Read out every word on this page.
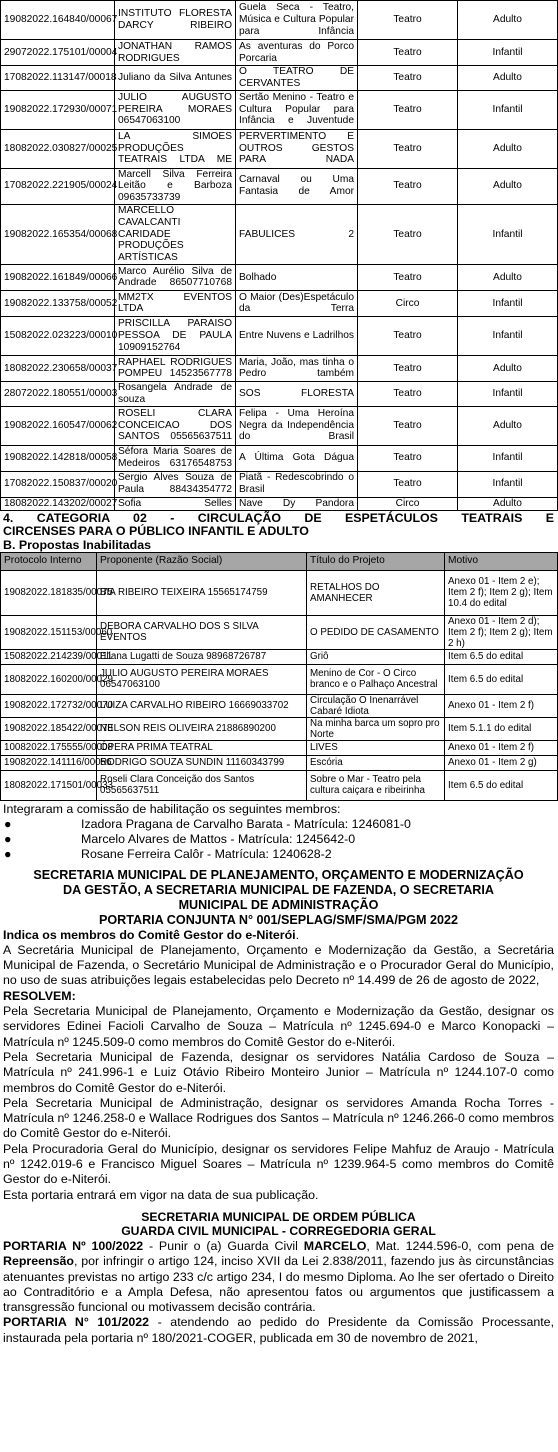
19082022.164840/00067	INSTITUTO FLORESTA DARCY RIBEIRO	Guela Seca - Teatro, Música e Cultura Popular para Infância	Teatro	Adulto
29072022.175101/00004	JONATHAN RAMOS RODRIGUES	As aventuras do Porco Porcaria	Teatro	Infantil
17082022.113147/00018	Juliano da Silva Antunes	O TEATRO DE CERVANTES	Teatro	Adulto
19082022.172930/00071	JULIO AUGUSTO PEREIRA MORAES 06547063100	Sertão Menino - Teatro e Cultura Popular para Infância e Juventude	Teatro	Infantil
18082022.030827/00025	LA SIMOES PRODUÇÕES TEATRAIS LTDA ME	PERVERTIMENTO E OUTROS GESTOS PARA NADA	Teatro	Adulto
17082022.221905/00024	Marcell Silva Ferreira Leitão e Barboza 09635733739	Carnaval ou Uma Fantasia de Amor	Teatro	Adulto
19082022.165354/00068	MARCELLO CAVALCANTI CARIDADE PRODUÇÕES ARTÍSTICAS	FABULICES 2	Teatro	Infantil
19082022.161849/00066	Marco Aurélio Silva de Andrade 86507710768	Bolhado	Teatro	Adulto
19082022.133758/00052	MM2TX EVENTOS LTDA	O Maior (Des)Espetáculo da Terra	Circo	Infantil
15082022.023223/00010	PRISCILLA PARAISO PESSOA DE PAULA 10909152764	Entre Nuvens e Ladrilhos	Teatro	Infantil
18082022.230658/00037	RAPHAEL RODRIGUES POMPEU 14523567778	Maria, João, mas tinha o Pedro também	Teatro	Adulto
28072022.180551/00003	Rosangela Andrade de souza	SOS FLORESTA	Teatro	Infantil
19082022.160547/00062	ROSELI CLARA CONCEICAO DOS SANTOS 05565637511	Felipa - Uma Heroína Negra da Independência do Brasil	Teatro	Adulto
19082022.142818/00058	Séfora Maria Soares de Medeiros 63176548753	A Última Gota Dágua	Teatro	Infantil
17082022.150837/00020	Sergio Alves Souza de Paula 88434354772	Piatã - Redescobrindo o Brasil	Teatro	Infantil
18082022.143202/00027	Sofia Selles	Nave Dy Pandora	Circo	Adulto
4. CATEGORIA 02 - CIRCULAÇÃO DE ESPETÁCULOS TEATRAIS E
CIRCENSES PARA O PÚBLICO INFANTIL E ADULTO
B. Propostas Inabilitadas
Protocolo Interno	Proponente (Razão Social)	Título do Projeto	Motivo
19082022.181835/00075	BIA RIBEIRO TEIXEIRA 15565174759	RETALHOS DO AMANHECER	Anexo 01 - Item 2 e); Item 2 f); Item 2 g); Item 10.4 do edital
19082022.151153/00060	DEBORA CARVALHO DOS S SILVA EVENTOS	O PEDIDO DE CASAMENTO	Anexo 01 - Item 2 d); Item 2 f); Item 2 g); Item 2 h)
15082022.214239/00011	Eliana Lugatti de Souza 98968726787	Griô	Item 6.5 do edital
18082022.160200/00029	JULIO AUGUSTO PEREIRA MORAES 06547063100	Menino de Cor - O Circo branco e o Palhaço Ancestral	Item 6.5 do edital
19082022.172732/00070	LUIZA CARVALHO RIBEIRO 16669033702	Circulação O Inenarrável Cabaré Idiota	Anexo 01 - Item 2 f)
19082022.185422/00078	NELSON REIS OLIVEIRA 21886890200	Na minha barca um sopro pro Norte	Item 5.1.1 do edital
10082022.175555/00008	ÓPERA PRIMA TEATRAL	LIVES	Anexo 01 - Item 2 f)
19082022.141116/00056	RODRIGO SOUZA SUNDIN 11160343799	Escória	Anexo 01 - Item 2 g)
18082022.171501/00033	Roseli Clara Conceição dos Santos 05565637511	Sobre o Mar - Teatro pela cultura caiçara e ribeirinha	Item 6.5 do edital

Integraram a comissão de habilitação os seguintes membros:

●	Izadora Pragana de Carvalho Barata - Matrícula: 1246081-0
●	Marcelo Alvares de Mattos - Matrícula: 1245642-0
●	Rosane Ferreira Calôr - Matrícula: 1240628-2

SECRETARIA MUNICIPAL DE PLANEJAMENTO, ORÇAMENTO E MODERNIZAÇÃO

DA GESTÃO, A SECRETARIA MUNICIPAL DE FAZENDA, O SECRETARIA

MUNICIPAL DE ADMINISTRAÇÃO

PORTARIA CONJUNTA N° 001/SEPLAG/SMF/SMA/PGM 2022

Indica os membros do Comitê Gestor do e-Niterói.

A Secretária Municipal de Planejamento, Orçamento e Modernização da Gestão, a Secretária Municipal de Fazenda, o Secretário Municipal de Administração e o Procurador Geral do Município, no uso de suas atribuições legais estabelecidas pelo Decreto nº 14.499 de 26 de agosto de 2022,

RESOLVEM:

Pela Secretaria Municipal de Planejamento, Orçamento e Modernização da Gestão, designar os servidores Edinei Facioli Carvalho de Souza – Matrícula nº 1245.694-0 e Marco Konopacki – Matrícula nº 1245.509-0 como membros do Comitê Gestor do e-Niterói.

Pela Secretaria Municipal de Fazenda, designar os servidores Natália Cardoso de Souza – Matrícula nº 241.996-1 e Luiz Otávio Ribeiro Monteiro Junior – Matrícula nº 1244.107-0 como membros do Comitê Gestor do e-Niterói.

Pela Secretaria Municipal de Administração, designar os servidores Amanda Rocha Torres - Matrícula nº 1246.258-0 e Wallace Rodrigues dos Santos – Matrícula nº 1246.266-0 como membros do Comitê Gestor do e-Niterói.

Pela Procuradoria Geral do Município, designar os servidores Felipe Mahfuz de Araujo - Matrícula nº 1242.019-6 e Francisco Miguel Soares – Matrícula nº 1239.964-5 como membros do Comitê Gestor do e-Niterói.

Esta portaria entrará em vigor na data de sua publicação.

SECRETARIA MUNICIPAL DE ORDEM PÚBLICA

GUARDA CIVIL MUNICIPAL - CORREGEDORIA GERAL

PORTARIA Nº 100/2022 - Punir o (a) Guarda Civil MARCELO, Mat. 1244.596-0, com pena de Repreensão, por infringir o artigo 124, inciso XVII da Lei 2.838/2011, fazendo jus às circunstâncias atenuantes previstas no artigo 233 c/c artigo 234, I do mesmo Diploma. Ao lhe ser ofertado o Direito ao Contraditório e a Ampla Defesa, não apresentou fatos ou argumentos que justificassem a transgressão funcional ou motivassem decisão contrária.

PORTARIA N° 101/2022 - atendendo ao pedido do Presidente da Comissão Processante, instaurada pela portaria nº 180/2021-COGER, publicada em 30 de novembro de 2021,
